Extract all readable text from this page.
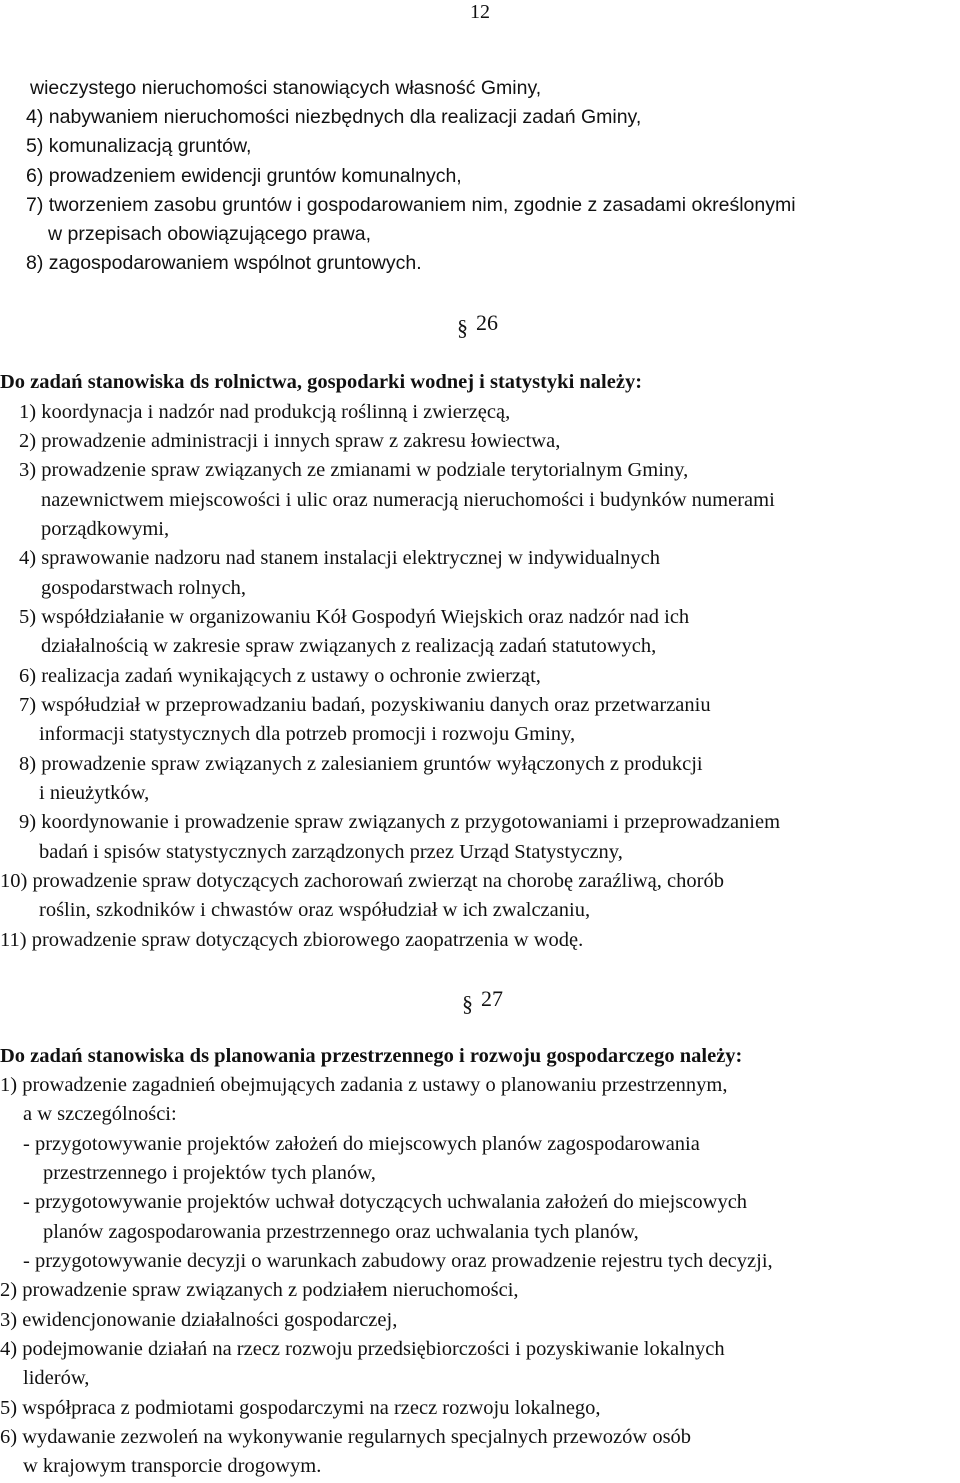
12
wieczystego nieruchomości stanowiących własność Gminy,
4) nabywaniem nieruchomości niezbędnych dla realizacji zadań Gminy,
5) komunalizacją gruntów,
6) prowadzeniem ewidencji gruntów komunalnych,
7) tworzeniem zasobu gruntów i gospodarowaniem nim, zgodnie z zasadami określonymi
w przepisach obowiązującego prawa,
8) zagospodarowaniem wspólnot gruntowych.
§ 26
Do zadań stanowiska ds rolnictwa, gospodarki wodnej i statystyki należy:
1) koordynacja i nadzór nad produkcją roślinną i zwierzęcą,
2) prowadzenie administracji i innych spraw z zakresu łowiectwa,
3) prowadzenie spraw związanych ze zmianami w podziale terytorialnym Gminy,
nazewnictwem miejscowości i ulic oraz numeracją nieruchomości i budynków numerami
porządkowymi,
4) sprawowanie nadzoru nad stanem instalacji elektrycznej w indywidualnych
gospodarstwach rolnych,
5) współdziałanie w organizowaniu Kół Gospodyń Wiejskich oraz nadzór nad ich
działalnością w zakresie spraw związanych z realizacją zadań statutowych,
6) realizacja zadań wynikających z ustawy o ochronie zwierząt,
7) współudział w przeprowadzaniu badań, pozyskiwaniu danych oraz przetwarzaniu
informacji statystycznych dla potrzeb promocji i rozwoju Gminy,
8) prowadzenie spraw związanych z zalesianiem gruntów wyłączonych z produkcji
i nieużytków,
9) koordynowanie i prowadzenie spraw związanych z przygotowaniami i przeprowadzaniem
badań i spisów statystycznych zarządzonych przez Urząd Statystyczny,
10) prowadzenie spraw dotyczących zachorowań zwierząt na chorobę zaraźliwą, chorób
roślin, szkodników i chwastów oraz współudział w ich zwalczaniu,
11) prowadzenie spraw dotyczących zbiorowego zaopatrzenia w wodę.
§ 27
Do zadań stanowiska ds planowania przestrzennego i rozwoju gospodarczego należy:
1) prowadzenie zagadnień obejmujących zadania z ustawy o planowaniu przestrzennym,
a w szczególności:
- przygotowywanie projektów założeń do miejscowych planów zagospodarowania
przestrzennego i projektów tych planów,
- przygotowywanie projektów uchwał dotyczących uchwalania założeń do miejscowych
planów zagospodarowania przestrzennego oraz uchwalania tych planów,
- przygotowywanie decyzji o warunkach zabudowy oraz prowadzenie rejestru tych decyzji,
2) prowadzenie spraw związanych z podziałem nieruchomości,
3) ewidencjonowanie działalności gospodarczej,
4) podejmowanie działań na rzecz rozwoju przedsiębiorczości i pozyskiwanie lokalnych
liderów,
5) współpraca z podmiotami gospodarczymi na rzecz rozwoju lokalnego,
6) wydawanie zezwoleń na wykonywanie regularnych specjalnych przewozów osób
w krajowym transporcie drogowym.
